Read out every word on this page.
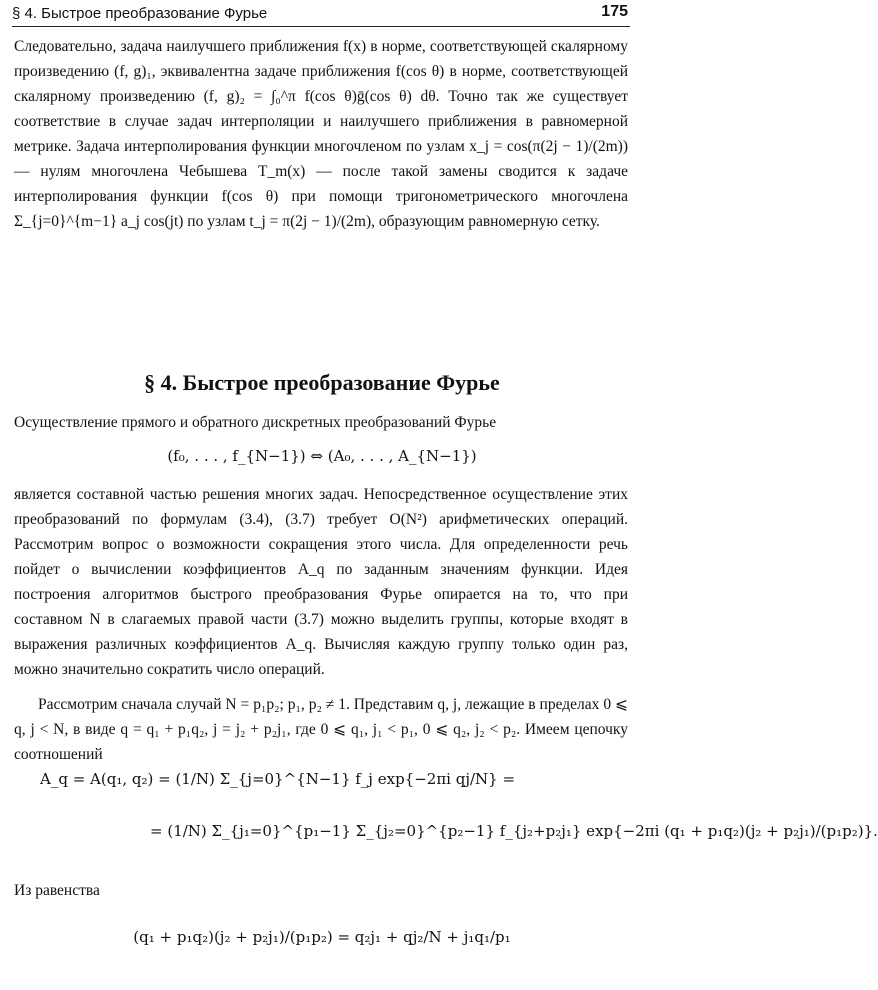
§ 4. Быстрое преобразование Фурье	175

Следовательно, задача наилучшего приближения f(x) в норме, соответствующей скалярному произведению (f, g)₁, эквивалентна задаче приближения f(cos θ) в норме, соответствующей скалярному произведению (f, g)₂ = ∫₀^π f(cos θ)ḡ(cos θ) dθ. Точно так же существует соответствие в случае задач интерполяции и наилучшего приближения в равномерной метрике. Задача интерполирования функции многочленом по узлам x_j = cos(π(2j − 1)/(2m)) — нулям многочлена Чебышева T_m(x) — после такой замены сводится к задаче интерполирования функции f(cos θ) при помощи тригонометрического многочлена Σ_{j=0}^{m−1} a_j cos(jt) по узлам t_j = π(2j − 1)/(2m), образующим равномерную сетку.

§ 4. Быстрое преобразование Фурье

Осуществление прямого и обратного дискретных преобразований Фурье

(f₀, . . . , f_{N−1}) ⇔ (A₀, . . . , A_{N−1})

является составной частью решения многих задач. Непосредственное осуществление этих преобразований по формулам (3.4), (3.7) требует O(N²) арифметических операций. Рассмотрим вопрос о возможности сокращения этого числа. Для определенности речь пойдет о вычислении коэффициентов A_q по заданным значениям функции. Идея построения алгоритмов быстрого преобразования Фурье опирается на то, что при составном N в слагаемых правой части (3.7) можно выделить группы, которые входят в выражения различных коэффициентов A_q. Вычисляя каждую группу только один раз, можно значительно сократить число операций.

Рассмотрим сначала случай N = p₁p₂; p₁, p₂ ≠ 1. Представим q, j, лежащие в пределах 0 ⩽ q, j < N, в виде q = q₁ + p₁q₂, j = j₂ + p₂j₁, где 0 ⩽ q₁, j₁ < p₁, 0 ⩽ q₂, j₂ < p₂. Имеем цепочку соотношений

A_q = A(q₁, q₂) = (1/N) Σ_{j=0}^{N−1} f_j exp{−2πi qj/N} =
= (1/N) Σ_{j₁=0}^{p₁−1} Σ_{j₂=0}^{p₂−1} f_{j₂+p₂j₁} exp{−2πi (q₁ + p₁q₂)(j₂ + p₂j₁)/(p₁p₂)}.

Из равенства

(q₁ + p₁q₂)(j₂ + p₂j₁)/(p₁p₂) = q₂j₁ + qj₂/N + j₁q₁/p₁
